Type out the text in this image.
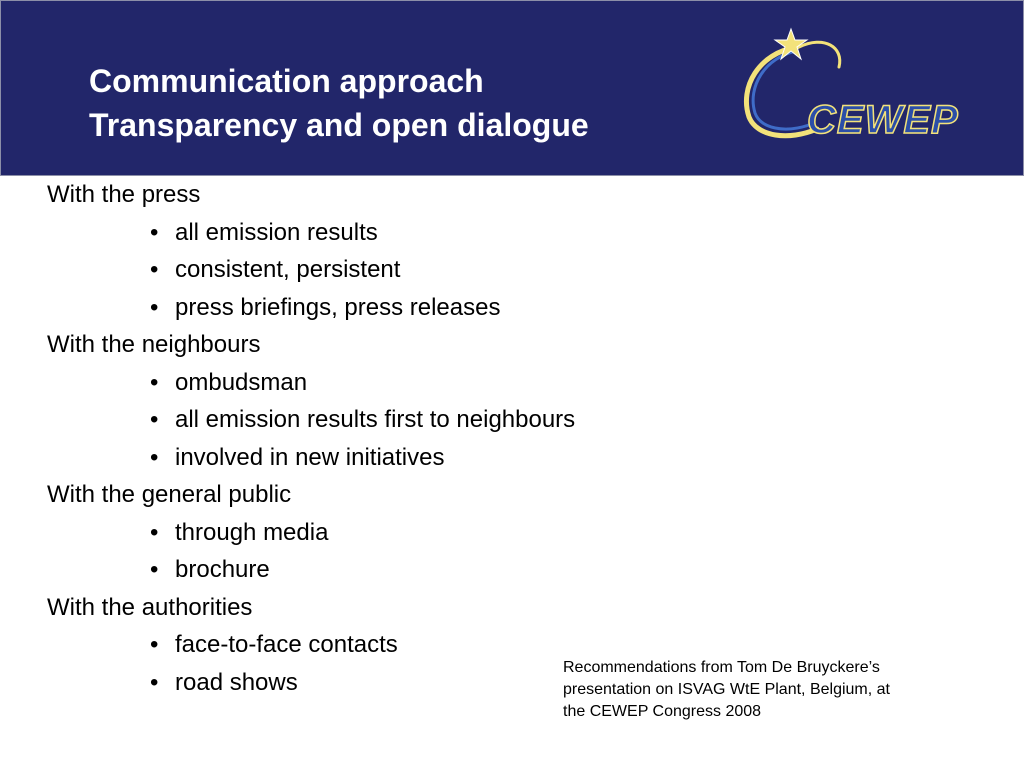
Communication approach
Transparency and open dialogue	CEWEP
With the press
• all emission results
• consistent, persistent
• press briefings, press releases
With the neighbours
• ombudsman
• all emission results first to neighbours
• involved in new initiatives
With the general public
• through media
• brochure
With the authorities
• face-to-face contacts
• road shows
Recommendations from Tom De Bruyckere’s
presentation on ISVAG WtE Plant, Belgium, at
the CEWEP Congress 2008
